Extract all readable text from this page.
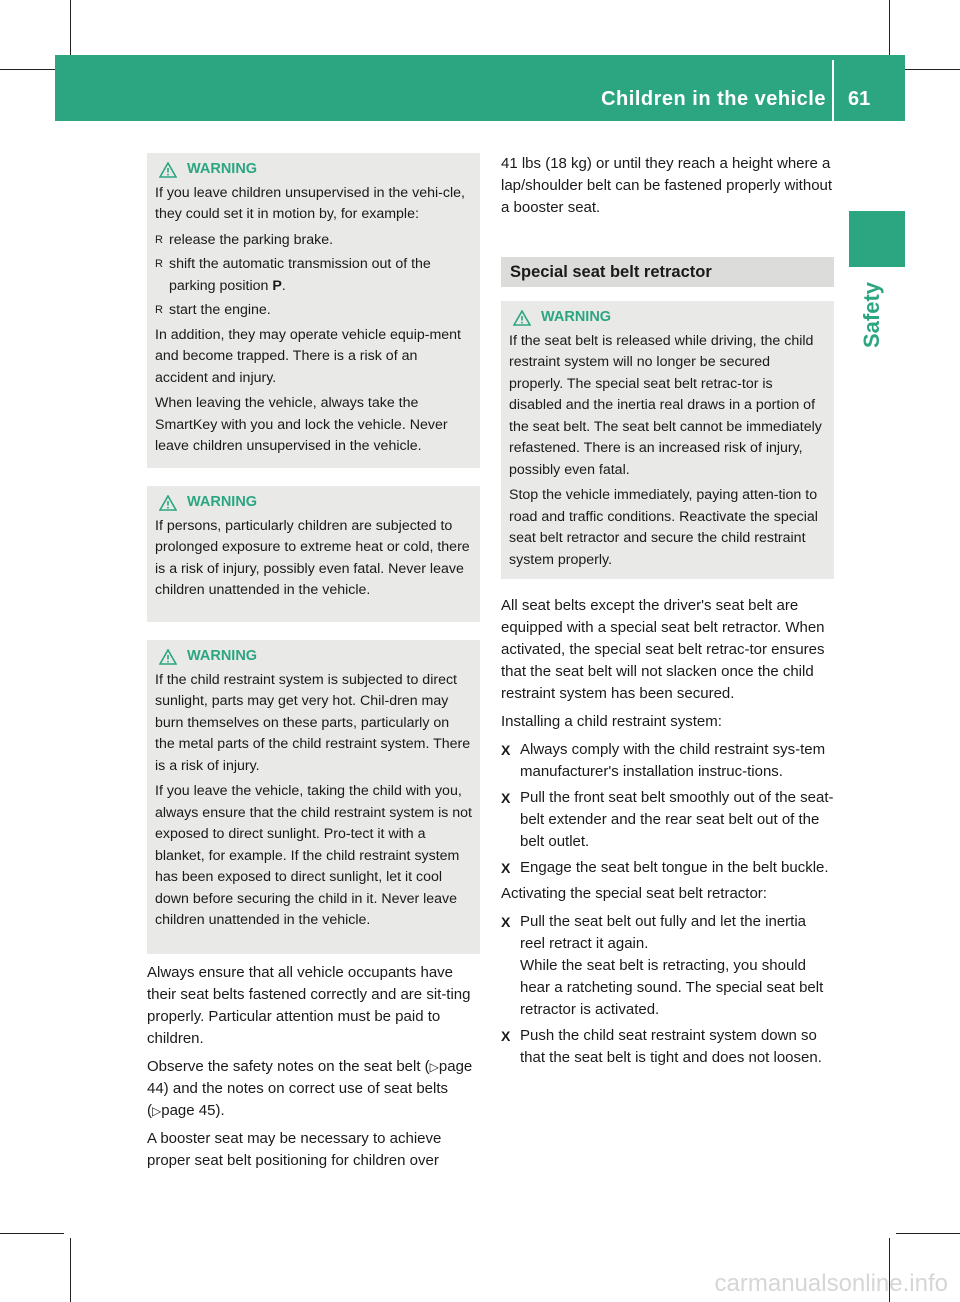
Children in the vehicle 61
Safety
WARNING

If you leave children unsupervised in the vehi-cle, they could set it in motion by, for example:

R release the parking brake.
R shift the automatic transmission out of the parking position P.
R start the engine.

In addition, they may operate vehicle equip-ment and become trapped. There is a risk of an accident and injury.

When leaving the vehicle, always take the SmartKey with you and lock the vehicle. Never leave children unsupervised in the vehicle.

WARNING

If persons, particularly children are subjected to prolonged exposure to extreme heat or cold, there is a risk of injury, possibly even fatal. Never leave children unattended in the vehicle.

WARNING

If the child restraint system is subjected to direct sunlight, parts may get very hot. Chil-dren may burn themselves on these parts, particularly on the metal parts of the child restraint system. There is a risk of injury.

If you leave the vehicle, taking the child with you, always ensure that the child restraint system is not exposed to direct sunlight. Pro-tect it with a blanket, for example. If the child restraint system has been exposed to direct sunlight, let it cool down before securing the child in it. Never leave children unattended in the vehicle.

Always ensure that all vehicle occupants have their seat belts fastened correctly and are sit-ting properly. Particular attention must be paid to children.

Observe the safety notes on the seat belt (▷page 44) and the notes on correct use of seat belts (▷page 45).

A booster seat may be necessary to achieve proper seat belt positioning for children over

41 lbs (18 kg) or until they reach a height where a lap/shoulder belt can be fastened properly without a booster seat.

Special seat belt retractor
WARNING

If the seat belt is released while driving, the child restraint system will no longer be secured properly. The special seat belt retrac-tor is disabled and the inertia real draws in a portion of the seat belt. The seat belt cannot be immediately refastened. There is an increased risk of injury, possibly even fatal.

Stop the vehicle immediately, paying atten-tion to road and traffic conditions. Reactivate the special seat belt retractor and secure the child restraint system properly.

All seat belts except the driver's seat belt are equipped with a special seat belt retractor. When activated, the special seat belt retrac-tor ensures that the seat belt will not slacken once the child restraint system has been secured.

Installing a child restraint system:

X Always comply with the child restraint sys-tem manufacturer's installation instruc-tions.
X Pull the front seat belt smoothly out of the seat-belt extender and the rear seat belt out of the belt outlet.
X Engage the seat belt tongue in the belt buckle.

Activating the special seat belt retractor:

X Pull the seat belt out fully and let the inertia reel retract it again.
While the seat belt is retracting, you should hear a ratcheting sound. The special seat belt retractor is activated.
X Push the child seat restraint system down so that the seat belt is tight and does not loosen.
carmanualsonline.info
